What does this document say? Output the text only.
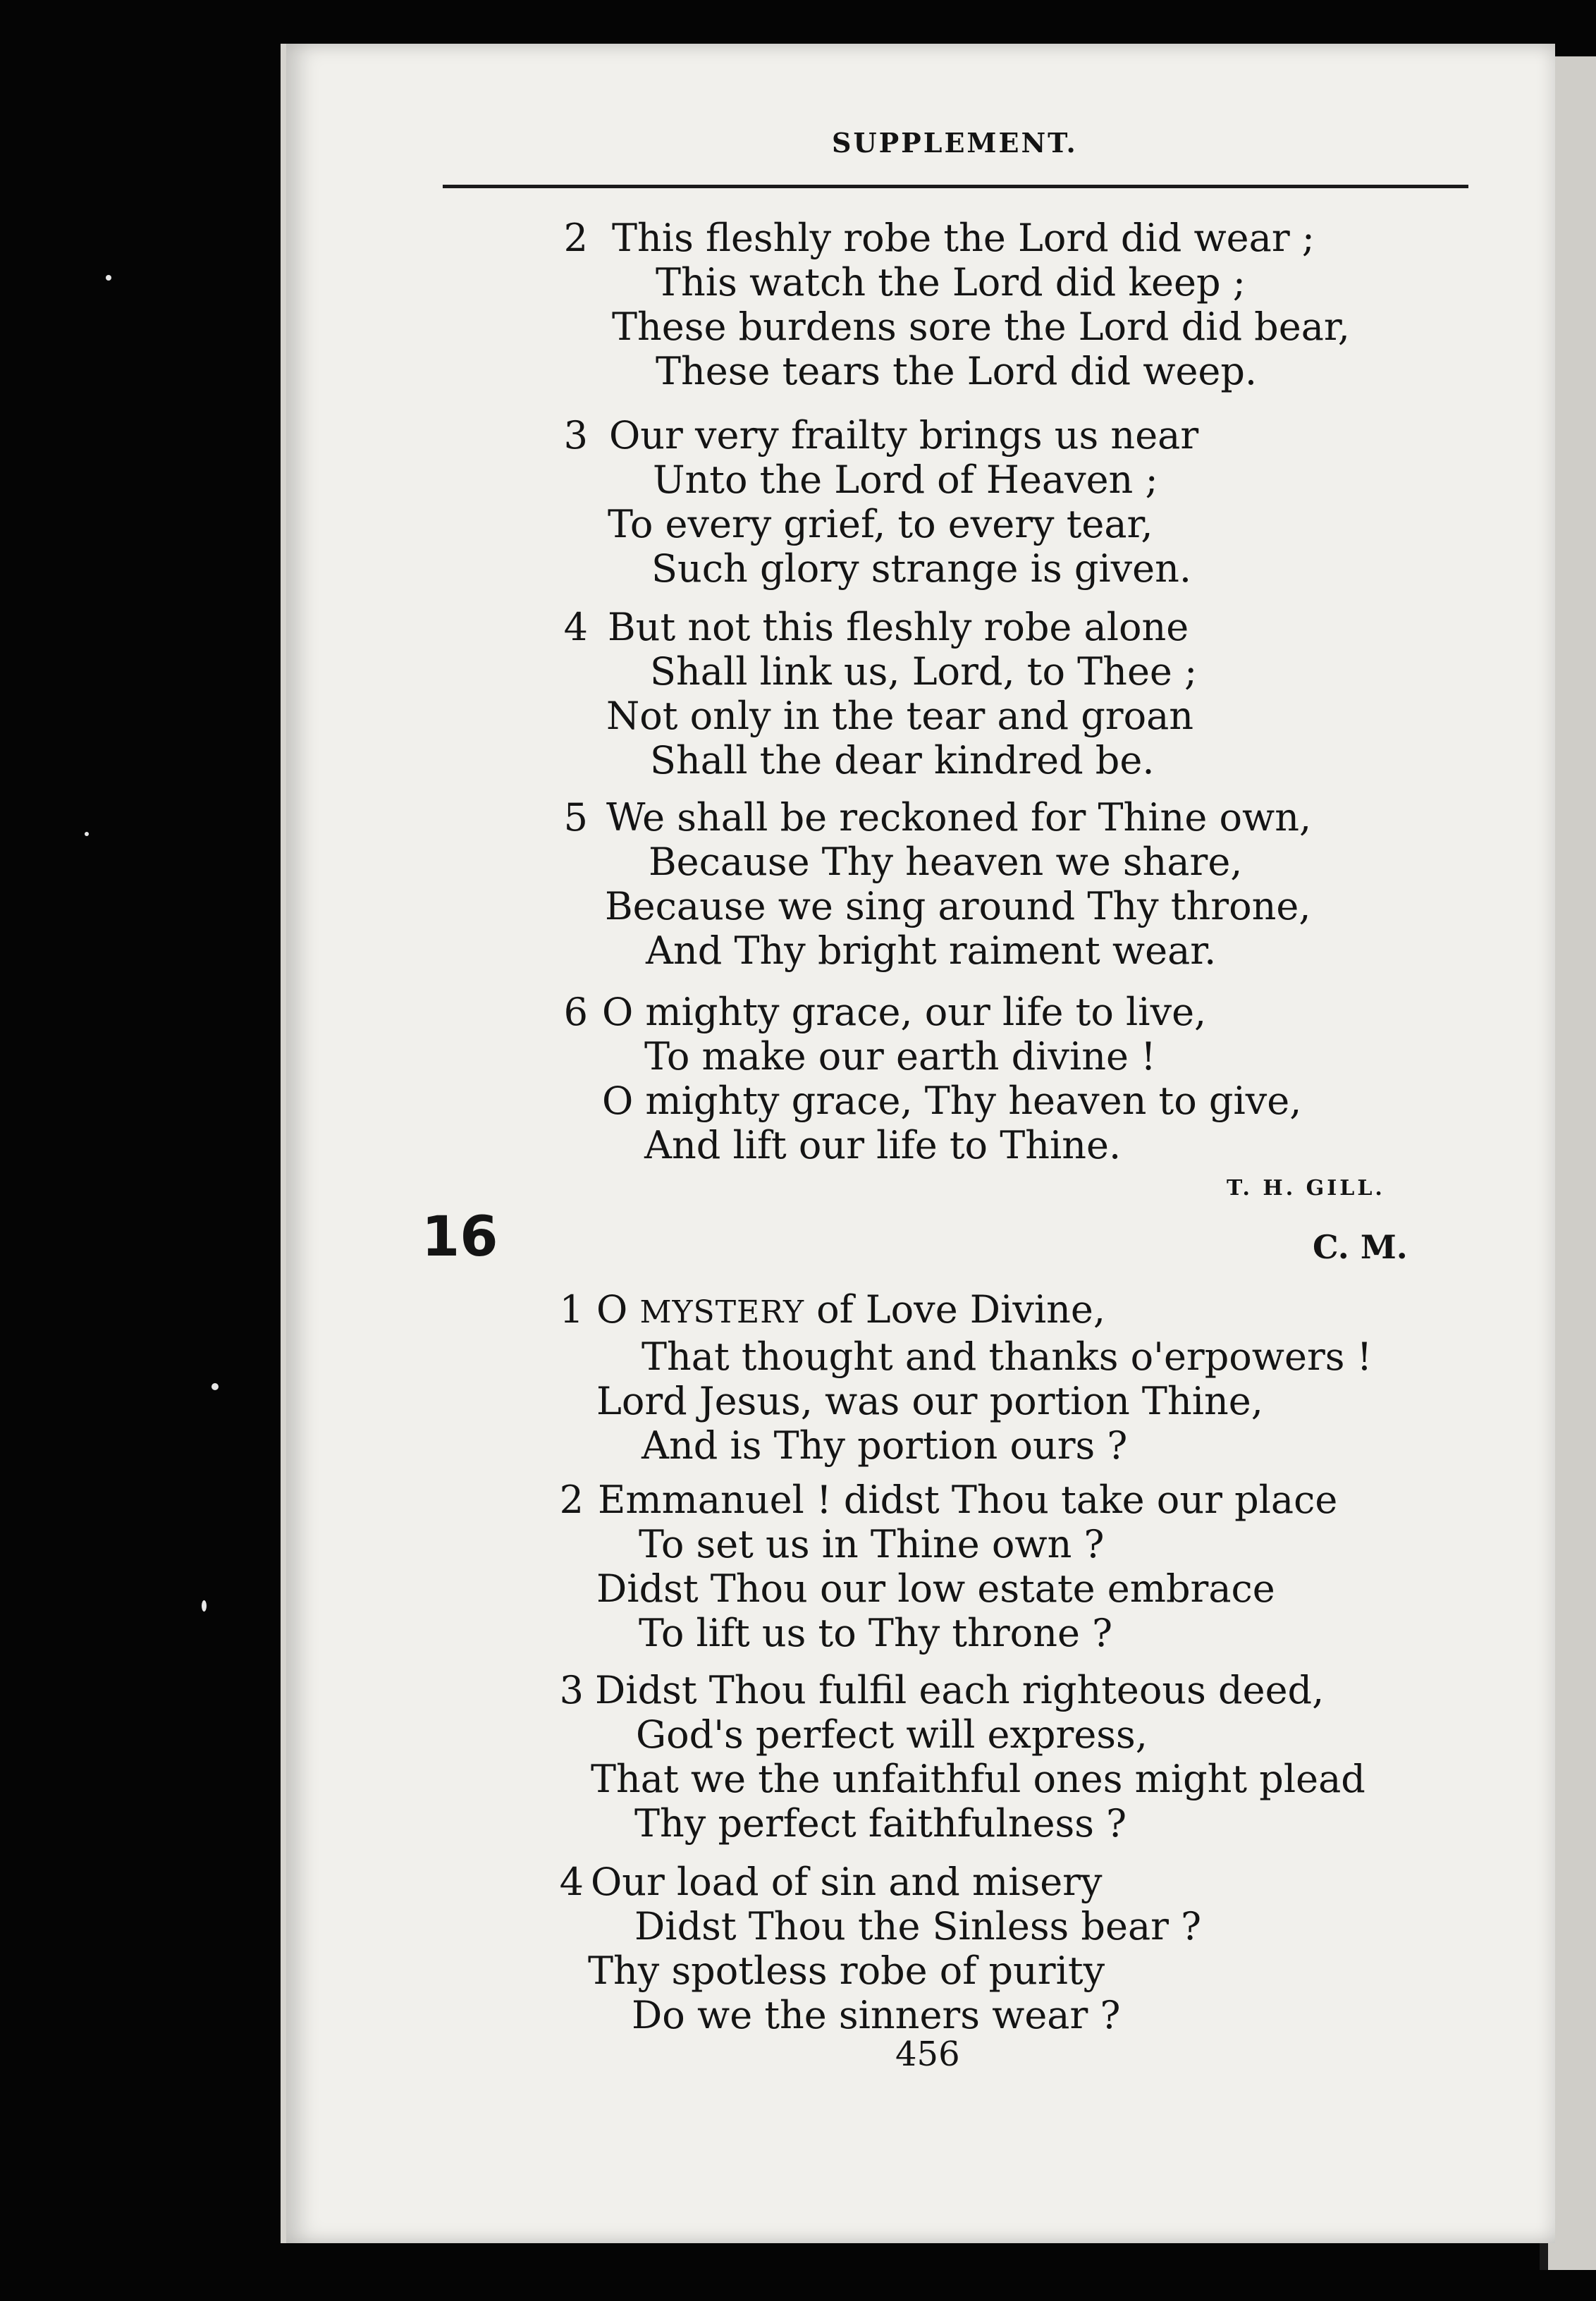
SUPPLEMENT.
2 This fleshly robe the Lord did wear ;
This watch the Lord did keep ;
These burdens sore the Lord did bear,
These tears the Lord did weep.
3 Our very frailty brings us near
Unto the Lord of Heaven ;
To every grief, to every tear,
Such glory strange is given.
4 But not this fleshly robe alone
Shall link us, Lord, to Thee ;
Not only in the tear and groan
Shall the dear kindred be.
5 We shall be reckoned for Thine own,
Because Thy heaven we share,
Because we sing around Thy throne,
And Thy bright raiment wear.
6 O mighty grace, our life to live,
To make our earth divine !
O mighty grace, Thy heaven to give,
And lift our life to Thine.
T. H. GILL.
16	C. M.
1 O MYSTERY of Love Divine,
That thought and thanks o'erpowers !
Lord Jesus, was our portion Thine,
And is Thy portion ours ?
2 Emmanuel ! didst Thou take our place
To set us in Thine own ?
Didst Thou our low estate embrace
To lift us to Thy throne ?
3 Didst Thou fulfil each righteous deed,
God's perfect will express,
That we the unfaithful ones might plead
Thy perfect faithfulness ?
4 Our load of sin and misery
Didst Thou the Sinless bear ?
Thy spotless robe of purity
Do we the sinners wear ?
456
